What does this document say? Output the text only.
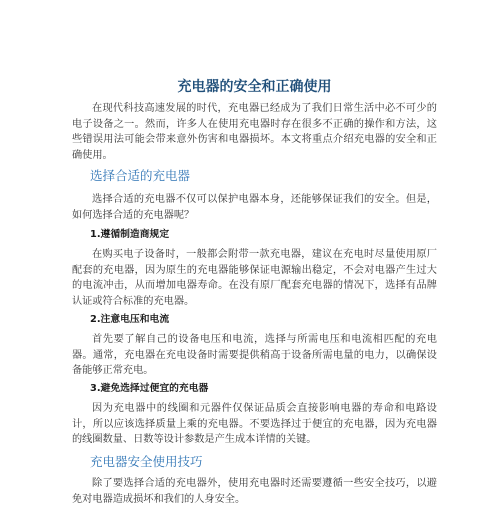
充电器的安全和正确使用

在现代科技高速发展的时代，充电器已经成为了我们日常生活中必不可少的电子设备之一。然而，许多人在使用充电器时存在很多不正确的操作和方法，这些错误用法可能会带来意外伤害和电器损坏。本文将重点介绍充电器的安全和正确使用。

选择合适的充电器

选择合适的充电器不仅可以保护电器本身，还能够保证我们的安全。但是，如何选择合适的充电器呢？

1.遵循制造商规定

在购买电子设备时，一般都会附带一款充电器，建议在充电时尽量使用原厂配套的充电器，因为原生的充电器能够保证电源输出稳定，不会对电器产生过大的电流冲击，从而增加电器寿命。在没有原厂配套充电器的情况下，选择有品牌认证或符合标准的充电器。

2.注意电压和电流

首先要了解自己的设备电压和电流，选择与所需电压和电流相匹配的充电器。通常，充电器在充电设备时需要提供稍高于设备所需电量的电力，以确保设备能够正常充电。

3.避免选择过便宜的充电器

因为充电器中的线圈和元器件仅保证品质会直接影响电器的寿命和电路设计，所以应该选择质量上乘的充电器。不要选择过于便宜的充电器，因为充电器的线圈数量、日数等设计参数是产生成本详情的关键。

充电器安全使用技巧

除了要选择合适的充电器外，使用充电器时还需要遵循一些安全技巧，以避免对电器造成损坏和我们的人身安全。
